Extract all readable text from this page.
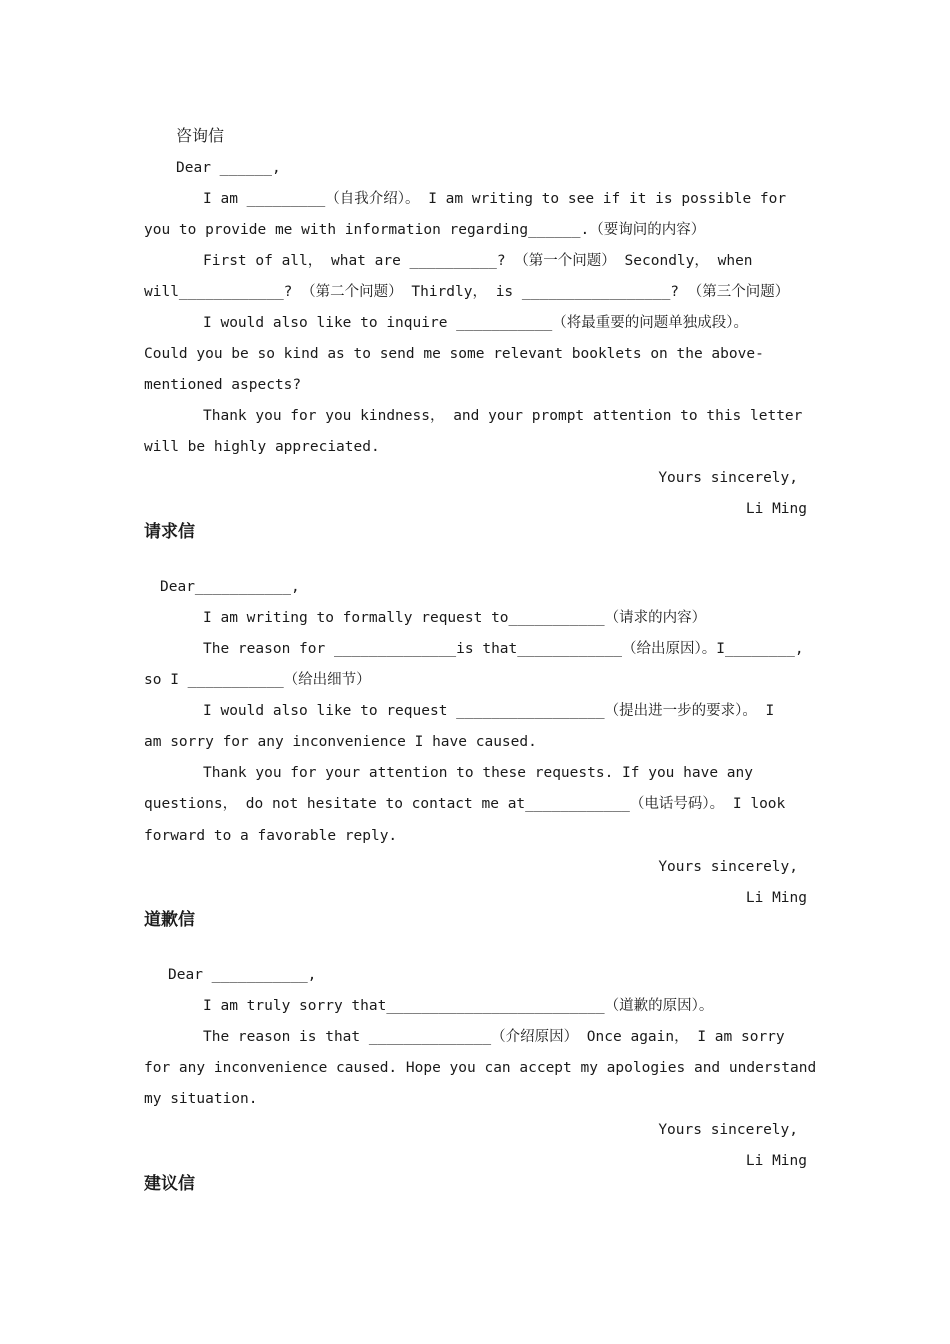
咨询信
Dear ______,
I am _________（自我介绍）。 I am writing to see if it is possible for
you to provide me with information regarding______.（要询问的内容）
First of all， what are __________? （第一个问题） Secondly， when
will____________? （第二个问题） Thirdly， is _________________? （第三个问题）
I would also like to inquire ___________（将最重要的问题单独成段）。
Could you be so kind as to send me some relevant booklets on the above-
mentioned aspects?
Thank you for you kindness， and your prompt attention to this letter
will be highly appreciated.
Yours sincerely,
Li Ming
请求信
Dear___________,
I am writing to formally request to___________（请求的内容）
The reason for ______________is that____________（给出原因）。I________,
so I ___________（给出细节）
I would also like to request _________________（提出进一步的要求）。 I
am sorry for any inconvenience I have caused.
Thank you for your attention to these requests. If you have any
questions， do not hesitate to contact me at____________（电话号码）。 I look
forward to a favorable reply.
Yours sincerely,
Li Ming
道歉信
Dear ___________,
I am truly sorry that_________________________（道歉的原因）。
The reason is that ______________（介绍原因） Once again， I am sorry
for any inconvenience caused. Hope you can accept my apologies and understand
my situation.
Yours sincerely,
Li Ming
建议信
